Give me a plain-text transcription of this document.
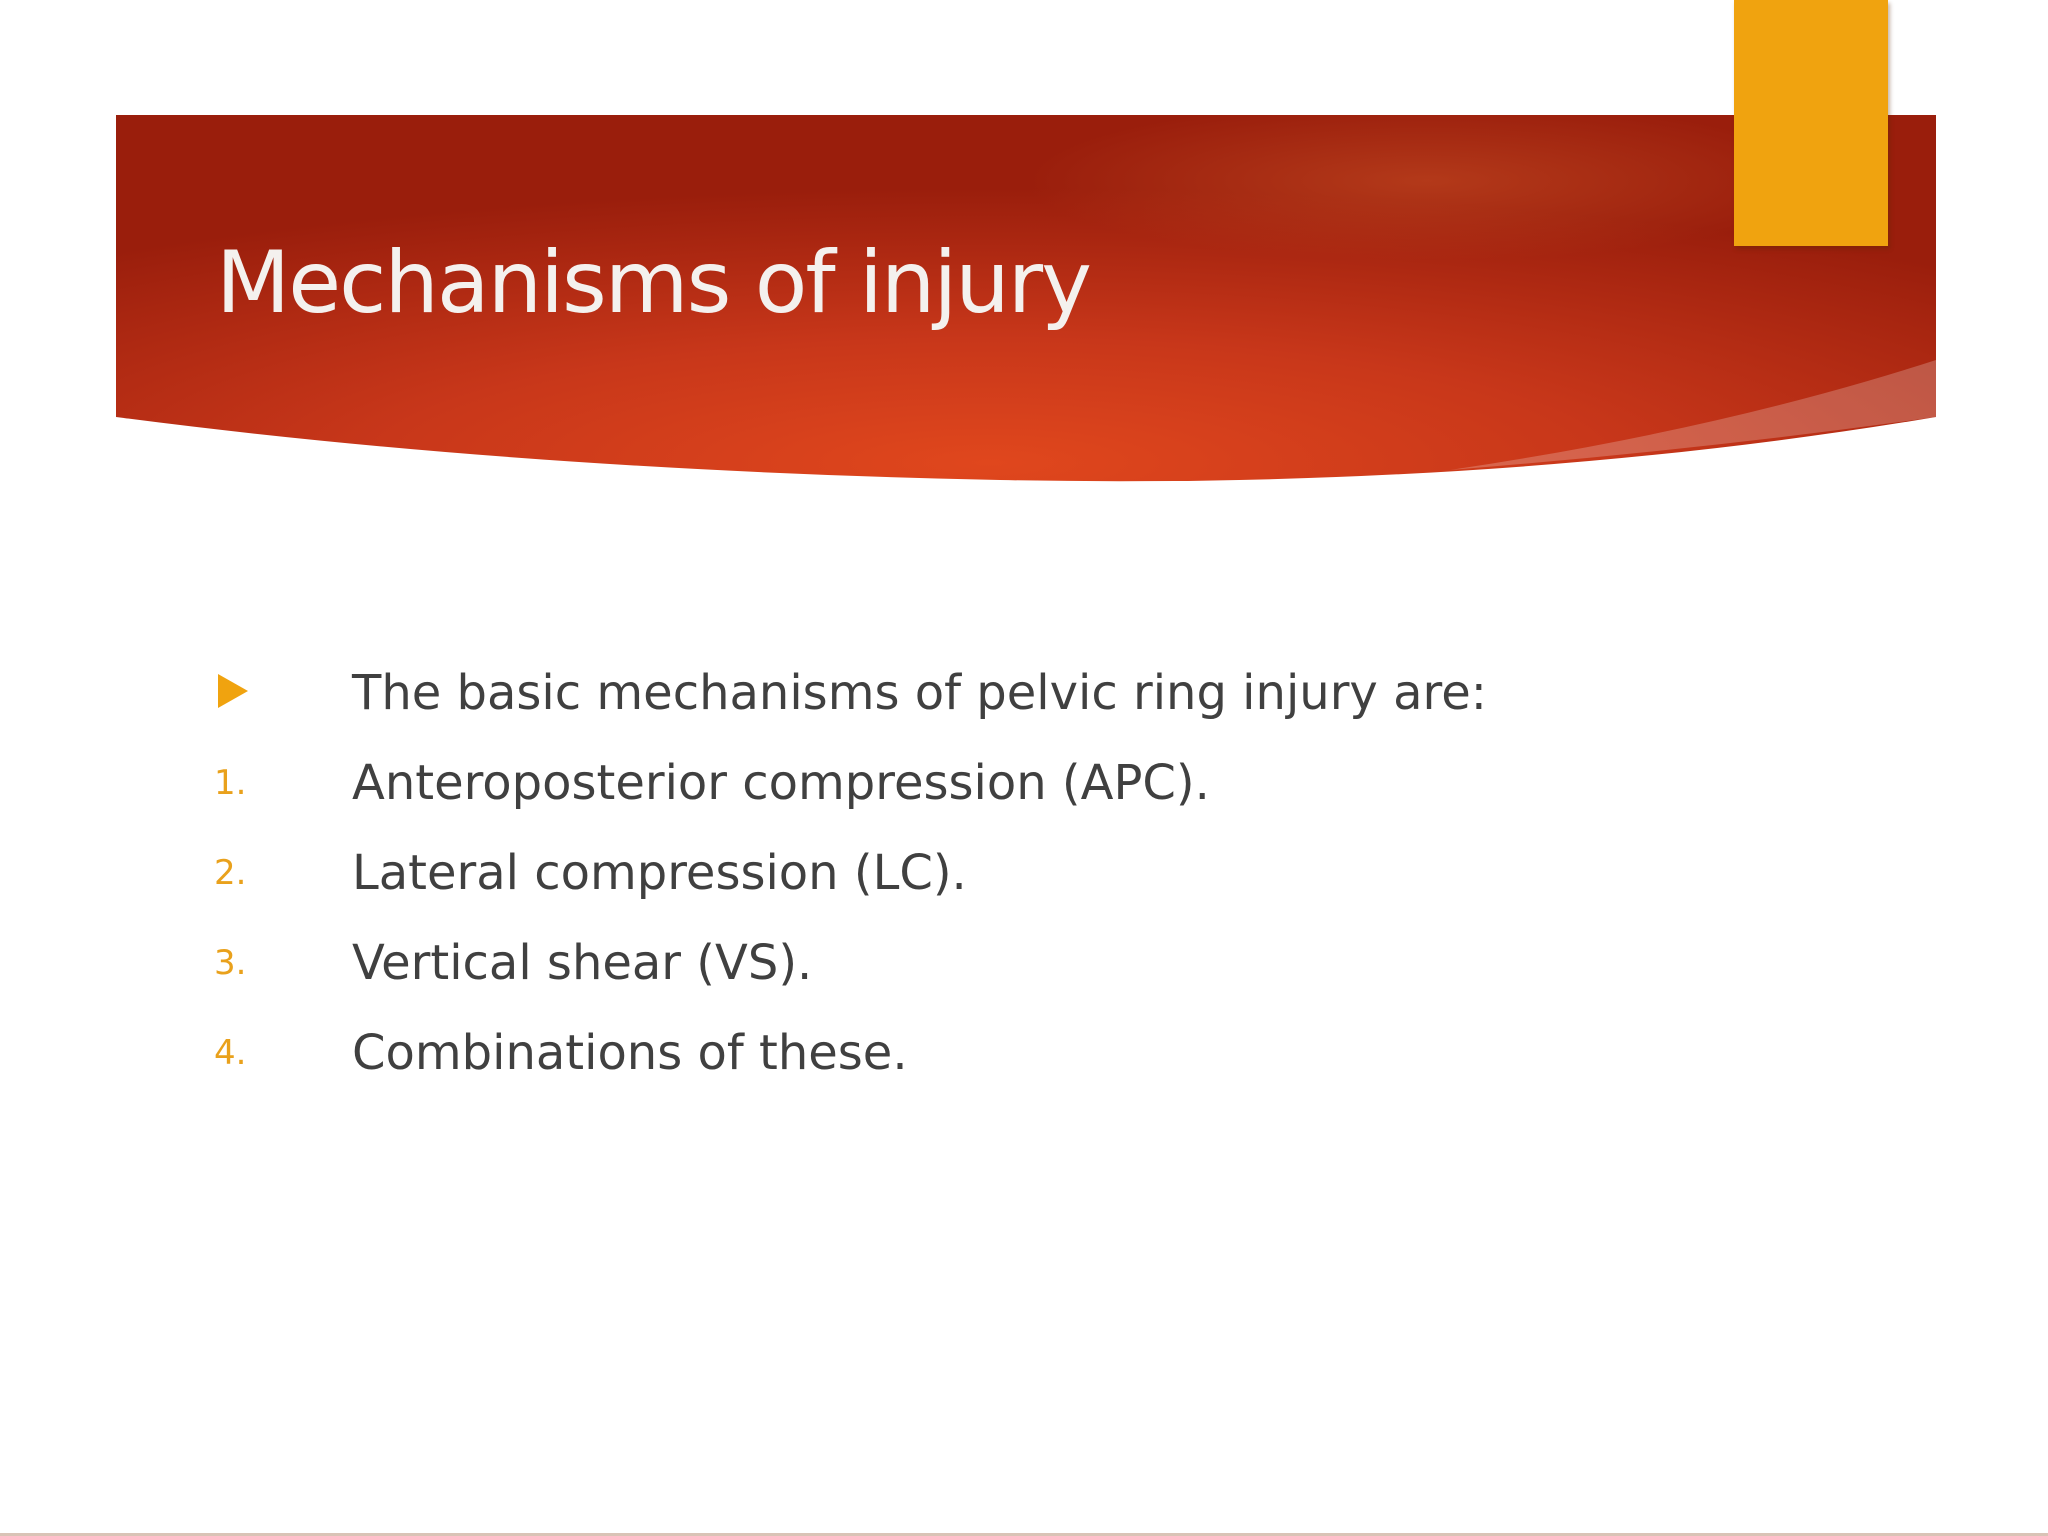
Mechanisms of injury
The basic mechanisms of pelvic ring injury are:
1. Anteroposterior compression (APC).
2. Lateral compression (LC).
3. Vertical shear (VS).
4. Combinations of these.
